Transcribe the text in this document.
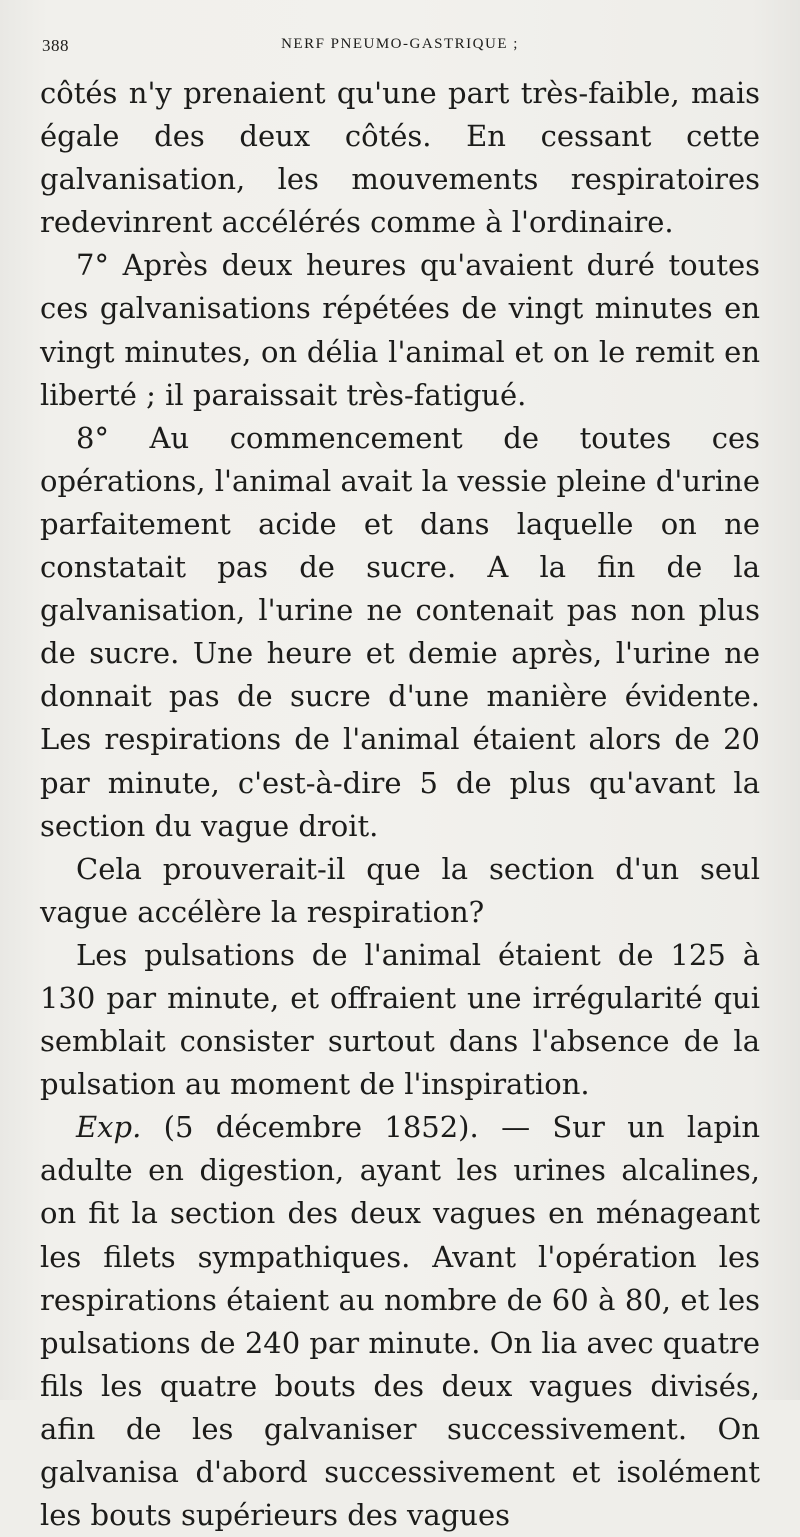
388	NERF PNEUMO-GASTRIQUE ;

côtés n'y prenaient qu'une part très-faible, mais égale des deux côtés. En cessant cette galvanisation, les mouvements respiratoires redevinrent accélérés comme à l'ordinaire.

7° Après deux heures qu'avaient duré toutes ces galvanisations répétées de vingt minutes en vingt minutes, on délia l'animal et on le remit en liberté ; il paraissait très-fatigué.

8° Au commencement de toutes ces opérations, l'animal avait la vessie pleine d'urine parfaitement acide et dans laquelle on ne constatait pas de sucre. A la fin de la galvanisation, l'urine ne contenait pas non plus de sucre. Une heure et demie après, l'urine ne donnait pas de sucre d'une manière évidente. Les respirations de l'animal étaient alors de 20 par minute, c'est-à-dire 5 de plus qu'avant la section du vague droit.

Cela prouverait-il que la section d'un seul vague accélère la respiration?

Les pulsations de l'animal étaient de 125 à 130 par minute, et offraient une irrégularité qui semblait consister surtout dans l'absence de la pulsation au moment de l'inspiration.

Exp. (5 décembre 1852). — Sur un lapin adulte en digestion, ayant les urines alcalines, on fit la section des deux vagues en ménageant les filets sympathiques. Avant l'opération les respirations étaient au nombre de 60 à 80, et les pulsations de 240 par minute. On lia avec quatre fils les quatre bouts des deux vagues divisés, afin de les galvaniser successivement. On galvanisa d'abord successivement et isolément les bouts supérieurs des vagues
